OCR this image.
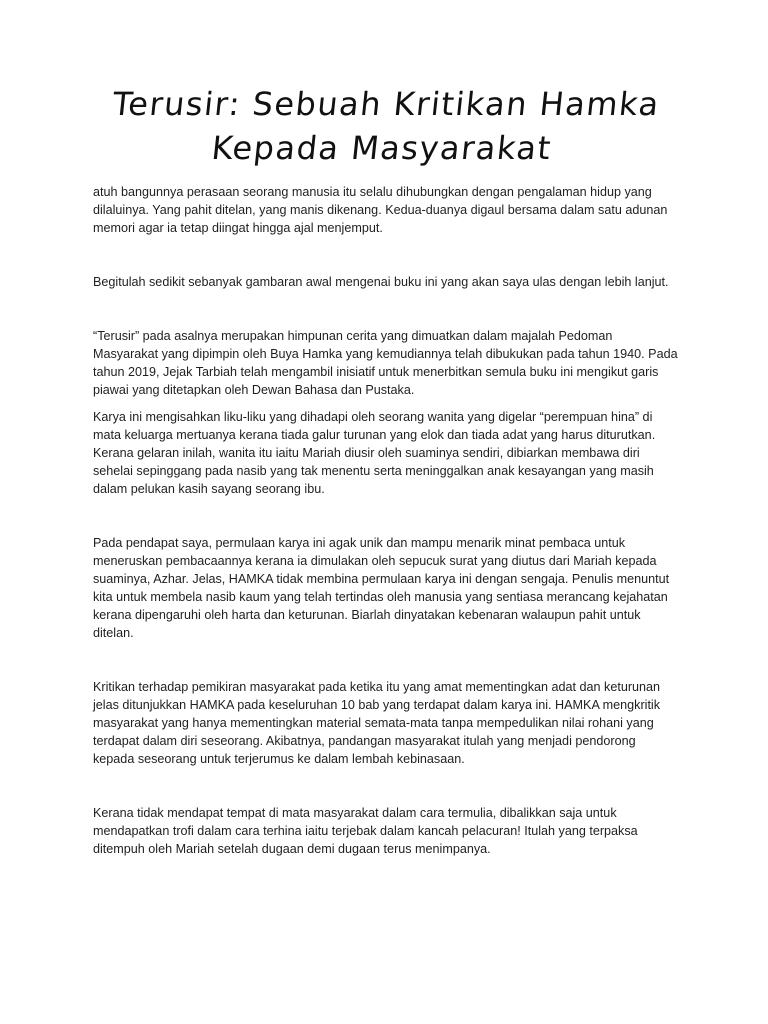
Terusir: Sebuah Kritikan Hamka
Kepada Masyarakat

atuh bangunnya perasaan seorang manusia itu selalu dihubungkan dengan pengalaman hidup yang dilaluinya. Yang pahit ditelan, yang manis dikenang. Kedua-duanya digaul bersama dalam satu adunan memori agar ia tetap diingat hingga ajal menjemput.

Begitulah sedikit sebanyak gambaran awal mengenai buku ini yang akan saya ulas dengan lebih lanjut.

“Terusir” pada asalnya merupakan himpunan cerita yang dimuatkan dalam majalah Pedoman Masyarakat yang dipimpin oleh Buya Hamka yang kemudiannya telah dibukukan pada tahun 1940. Pada tahun 2019, Jejak Tarbiah telah mengambil inisiatif untuk menerbitkan semula buku ini mengikut garis piawai yang ditetapkan oleh Dewan Bahasa dan Pustaka.

Karya ini mengisahkan liku-liku yang dihadapi oleh seorang wanita yang digelar “perempuan hina” di mata keluarga mertuanya kerana tiada galur turunan yang elok dan tiada adat yang harus diturutkan. Kerana gelaran inilah, wanita itu iaitu Mariah diusir oleh suaminya sendiri, dibiarkan membawa diri sehelai sepinggang pada nasib yang tak menentu serta meninggalkan anak kesayangan yang masih dalam pelukan kasih sayang seorang ibu.

Pada pendapat saya, permulaan karya ini agak unik dan mampu menarik minat pembaca untuk meneruskan pembacaannya kerana ia dimulakan oleh sepucuk surat yang diutus dari Mariah kepada suaminya, Azhar. Jelas, HAMKA tidak membina permulaan karya ini dengan sengaja. Penulis menuntut kita untuk membela nasib kaum yang telah tertindas oleh manusia yang sentiasa merancang kejahatan kerana dipengaruhi oleh harta dan keturunan. Biarlah dinyatakan kebenaran walaupun pahit untuk ditelan.

Kritikan terhadap pemikiran masyarakat pada ketika itu yang amat mementingkan adat dan keturunan jelas ditunjukkan HAMKA pada keseluruhan 10 bab yang terdapat dalam karya ini. HAMKA mengkritik masyarakat yang hanya mementingkan material semata-mata tanpa mempedulikan nilai rohani yang terdapat dalam diri seseorang. Akibatnya, pandangan masyarakat itulah yang menjadi pendorong kepada seseorang untuk terjerumus ke dalam lembah kebinasaan.

Kerana tidak mendapat tempat di mata masyarakat dalam cara termulia, dibalikkan saja untuk mendapatkan trofi dalam cara terhina iaitu terjebak dalam kancah pelacuran! Itulah yang terpaksa ditempuh oleh Mariah setelah dugaan demi dugaan terus menimpanya.
